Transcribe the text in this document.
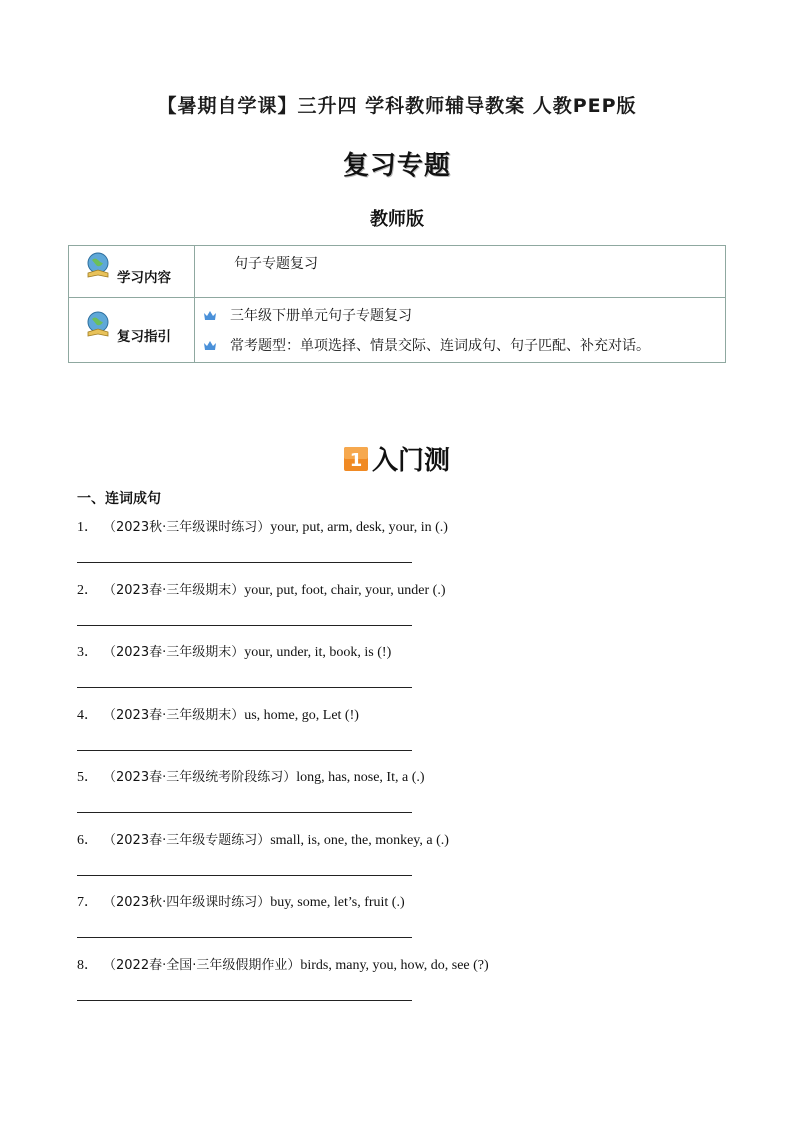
【暑期自学课】三升四 学科教师辅导教案 人教PEP版
复习专题
教师版
学习内容	句子专题复习

复习指引	三年级下册单元句子专题复习
常考题型：单项选择、情景交际、连词成句、句子匹配、补充对话。
1 入门测
一、连词成句
1． （2023秋·三年级课时练习）your, put, arm, desk, your, in (.)
2． （2023春·三年级期末）your, put, foot, chair, your, under (.)
3． （2023春·三年级期末）your, under, it, book, is (!)
4． （2023春·三年级期末）us, home, go, Let (!)
5． （2023春·三年级统考阶段练习）long, has, nose, It, a (.)
6． （2023春·三年级专题练习）small, is, one, the, monkey, a (.)
7． （2023秋·四年级课时练习）buy, some, let’s, fruit (.)
8． （2022春·全国·三年级假期作业）birds, many, you, how, do, see (?)
